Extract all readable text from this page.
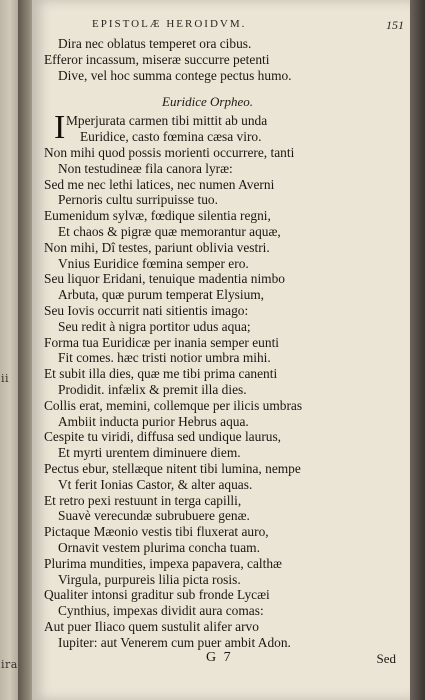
ii
ira
EPISTOLÆ HEROIDVM.	151
Dira nec oblatus temperet ora cibus.
Efferor incassum, miseræ succurre petenti
Dive, vel hoc summa contege pectus humo.
Euridice Orpheo.
I Mperjurata carmen tibi mittit ab unda
Euridice, casto fœmina cæsa viro.
Non mihi quod possis morienti occurrere, tanti
Non testudineæ fila canora lyræ:
Sed me nec lethi latices, nec numen Averni
Pernoris cultu surripuisse tuo.
Eumenidum sylvæ, fœdique silentia regni,
Et chaos & pigræ quæ memorantur aquæ,
Non mihi, Dî testes, pariunt oblivia vestri.
Vnius Euridice fœmina semper ero.
Seu liquor Eridani, tenuique madentia nimbo
Arbuta, quæ purum temperat Elysium,
Seu Iovis occurrit nati sitientis imago:
Seu redit à nigra portitor udus aqua;
Forma tua Euridicæ per inania semper eunti
Fit comes. hæc tristi notior umbra mihi.
Et subit illa dies, quæ me tibi prima canenti
Prodidit. infælix & premit illa dies.
Collis erat, memini, collemque per ilicis umbras
Ambiit inducta purior Hebrus aqua.
Cespite tu viridi, diffusa sed undique laurus,
Et myrti urentem diminuere diem.
Pectus ebur, stellæque nitent tibi lumina, nempe
Vt ferit Ionias Castor, & alter aquas.
Et retro pexi restuunt in terga capilli,
Suavè verecundæ subrubuere genæ.
Pictaque Mæonio vestis tibi fluxerat auro,
Ornavit vestem plurima concha tuam.
Plurima mundities, impexa papavera, calthæ
Virgula, purpureis lilia picta rosis.
Qualiter intonsi graditur sub fronde Lycæi
Cynthius, impexas dividit aura comas:
Aut puer Iliaco quem sustulit alifer arvo
Iupiter: aut Venerem cum puer ambit Adon.
G 7	Sed
